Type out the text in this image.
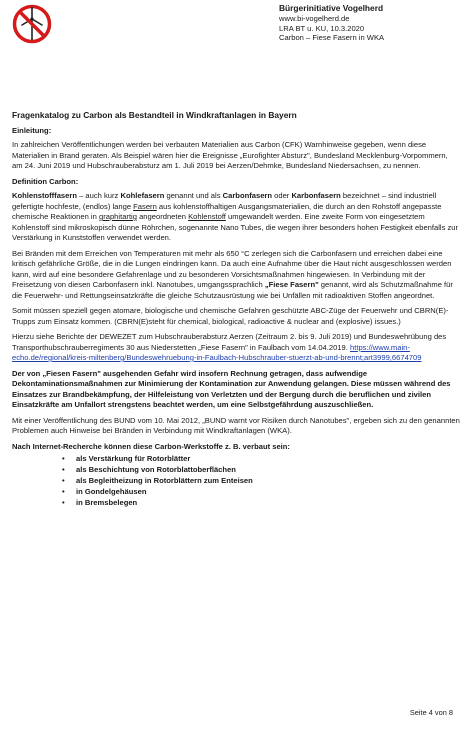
Bürgerinitiative Vogelherd
www.bi-vogelherd.de
LRA BT u. KU, 10.3.2020
Carbon – Fiese Fasern in WKA
Fragenkatalog zu Carbon als Bestandteil in Windkraftanlagen in Bayern
Einleitung:

In zahlreichen Veröffentlichungen werden bei verbauten Materialien aus Carbon (CFK) Warnhinweise gegeben, wenn diese Materialien in Brand geraten. Als Beispiel wären hier die Ereignisse „Eurofighter Absturz", Bundesland Mecklenburg-Vorpommern, am 24. Juni 2019 und Hubschrauberabsturz am 1. Juli 2019 bei Aerzen/Dehmke, Bundesland Niedersachsen, zu nennen.

Definition Carbon:

Kohlenstofffasern – auch kurz Kohlefasern genannt und als Carbonfasern oder Karbonfasern bezeichnet – sind industriell gefertigte hochfeste, (endlos) lange Fasern aus kohlenstoffhaltigen Ausgangsmaterialien, die durch an den Rohstoff angepasste chemische Reaktionen in graphitartig angeordneten Kohlenstoff umgewandelt werden. Eine zweite Form von eingesetztem Kohlenstoff sind mikroskopisch dünne Röhrchen, sogenannte Nano Tubes, die wegen ihrer besonders hohen Festigkeit ebenfalls zur Verstärkung in Kunststoffen verwendet werden.

Bei Bränden mit dem Erreichen von Temperaturen mit mehr als 650 °C zerlegen sich die Carbonfasern und erreichen dabei eine kritisch gefährliche Größe, die in die Lungen eindringen kann. Da auch eine Aufnahme über die Haut nicht ausgeschlossen werden kann, wird auf eine besondere Gefahrenlage und zu besonderen Vorsichtsmaßnahmen hingewiesen. In Verbindung mit der Freisetzung von diesen Carbonfasern inkl. Nanotubes, umgangssprachlich „Fiese Fasern" genannt, wird als Schutzmaßnahme für die Feuerwehr- und Rettungseinsatzkräfte die gleiche Schutzausrüstung wie bei Unfällen mit radioaktiven Stoffen angeordnet.

Somit müssen speziell gegen atomare, biologische und chemische Gefahren geschützte ABC-Züge der Feuerwehr und CBRN(E)-Trupps zum Einsatz kommen. (CBRN(E)steht für chemical, biological, radioactive & nuclear and (explosive) issues.)

Hierzu siehe Berichte der DEWEZET zum Hubschrauberabsturz Aerzen (Zeitraum 2. bis 9. Juli 2019) und Bundeswehrübung des Transporthubschrauberregiments 30 aus Niederstetten „Fiese Fasern" in Faulbach vom 14.04.2019. https://www.main-echo.de/regional/kreis-miltenberg/Bundeswehruebung-in-Faulbach-Hubschrauber-stuerzt-ab-und-brennt;art3999,6674709

Der von „Fiesen Fasern" ausgehenden Gefahr wird insofern Rechnung getragen, dass aufwendige Dekontaminationsmaßnahmen zur Minimierung der Kontamination zur Anwendung gelangen. Diese müssen während des Einsatzes zur Brandbekämpfung, der Hilfeleistung von Verletzten und der Bergung durch die beruflichen und zivilen Einsatzkräfte am Unfallort strengstens beachtet werden, um eine Selbstgefährdung auszuschließen.

Mit einer Veröffentlichung des BUND vom 10. Mai 2012, „BUND warnt vor Risiken durch Nanotubes", ergeben sich zu den genannten Problemen auch Hinweise bei Bränden in Verbindung mit Windkraftanlagen (WKA).

Nach Internet-Recherche können diese Carbon-Werkstoffe z. B. verbaut sein:
• als Verstärkung für Rotorblätter
• als Beschichtung von Rotorblattoberflächen
• als Begleitheizung in Rotorblättern zum Enteisen
• in Gondelgehäusen
• in Bremsbelegen
Seite 4 von 8
